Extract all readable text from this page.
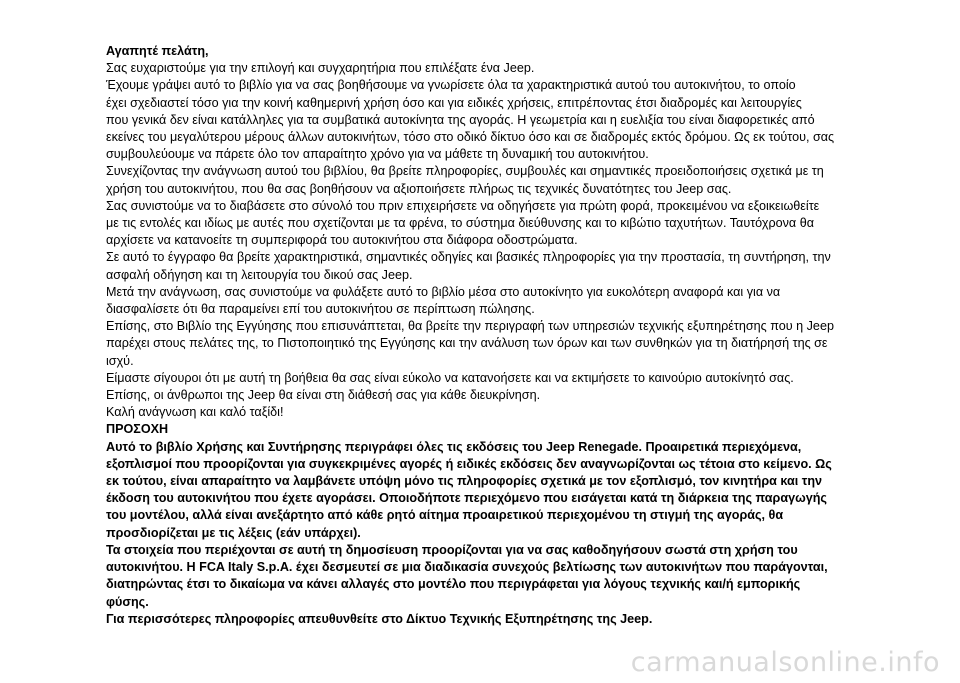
Αγαπητέ πελάτη,

Σας ευχαριστούμε για την επιλογή και συγχαρητήρια που επιλέξατε ένα Jeep.

Έχουμε γράψει αυτό το βιβλίο για να σας βοηθήσουμε να γνωρίσετε όλα τα χαρακτηριστικά αυτού του αυτοκινήτου, το οποίο
έχει σχεδιαστεί τόσο για την κοινή καθημερινή χρήση όσο και για ειδικές χρήσεις, επιτρέποντας έτσι διαδρομές και λειτουργίες
που γενικά δεν είναι κατάλληλες για τα συμβατικά αυτοκίνητα της αγοράς. Η γεωμετρία και η ευελιξία του είναι διαφορετικές από
εκείνες του μεγαλύτερου μέρους άλλων αυτοκινήτων, τόσο στο οδικό δίκτυο όσο και σε διαδρομές εκτός δρόμου. Ως εκ τούτου, σας
συμβουλεύουμε να πάρετε όλο τον απαραίτητο χρόνο για να μάθετε τη δυναμική του αυτοκινήτου.

Συνεχίζοντας την ανάγνωση αυτού του βιβλίου, θα βρείτε πληροφορίες, συμβουλές και σημαντικές προειδοποιήσεις σχετικά με τη
χρήση του αυτοκινήτου, που θα σας βοηθήσουν να αξιοποιήσετε πλήρως τις τεχνικές δυνατότητες του Jeep σας.

Σας συνιστούμε να το διαβάσετε στο σύνολό του πριν επιχειρήσετε να οδηγήσετε για πρώτη φορά, προκειμένου να εξοικειωθείτε
με τις εντολές και ιδίως με αυτές που σχετίζονται με τα φρένα, το σύστημα διεύθυνσης και το κιβώτιο ταχυτήτων. Ταυτόχρονα θα
αρχίσετε να κατανοείτε τη συμπεριφορά του αυτοκινήτου στα διάφορα οδοστρώματα.

Σε αυτό το έγγραφο θα βρείτε χαρακτηριστικά, σημαντικές οδηγίες και βασικές πληροφορίες για την προστασία, τη συντήρηση, την
ασφαλή οδήγηση και τη λειτουργία του δικού σας Jeep.

Μετά την ανάγνωση, σας συνιστούμε να φυλάξετε αυτό το βιβλίο μέσα στο αυτοκίνητο για ευκολότερη αναφορά και για να
διασφαλίσετε ότι θα παραμείνει επί του αυτοκινήτου σε περίπτωση πώλησης.

Επίσης, στο Βιβλίο της Εγγύησης που επισυνάπτεται, θα βρείτε την περιγραφή των υπηρεσιών τεχνικής εξυπηρέτησης που η Jeep
παρέχει στους πελάτες της, το Πιστοποιητικό της Εγγύησης και την ανάλυση των όρων και των συνθηκών για τη διατήρησή της σε
ισχύ.

Είμαστε σίγουροι ότι με αυτή τη βοήθεια θα σας είναι εύκολο να κατανοήσετε και να εκτιμήσετε το καινούριο αυτοκίνητό σας.
Επίσης, οι άνθρωποι της Jeep θα είναι στη διάθεσή σας για κάθε διευκρίνηση.

Καλή ανάγνωση και καλό ταξίδι!

ΠΡΟΣΟΧΗ

Αυτό το βιβλίο Χρήσης και Συντήρησης περιγράφει όλες τις εκδόσεις του Jeep Renegade. Προαιρετικά περιεχόμενα,
εξοπλισμοί που προορίζονται για συγκεκριμένες αγορές ή ειδικές εκδόσεις δεν αναγνωρίζονται ως τέτοια στο κείμενο. Ως
εκ τούτου, είναι απαραίτητο να λαμβάνετε υπόψη μόνο τις πληροφορίες σχετικά με τον εξοπλισμό, τον κινητήρα και την
έκδοση του αυτοκινήτου που έχετε αγοράσει. Οποιοδήποτε περιεχόμενο που εισάγεται κατά τη διάρκεια της παραγωγής
του μοντέλου, αλλά είναι ανεξάρτητο από κάθε ρητό αίτημα προαιρετικού περιεχομένου τη στιγμή της αγοράς, θα
προσδιορίζεται με τις λέξεις (εάν υπάρχει).

Τα στοιχεία που περιέχονται σε αυτή τη δημοσίευση προορίζονται για να σας καθοδηγήσουν σωστά στη χρήση του
αυτοκινήτου. Η FCA Italy S.p.A. έχει δεσμευτεί σε μια διαδικασία συνεχούς βελτίωσης των αυτοκινήτων που παράγονται,
διατηρώντας έτσι το δικαίωμα να κάνει αλλαγές στο μοντέλο που περιγράφεται για λόγους τεχνικής και/ή εμπορικής
φύσης.

Για περισσότερες πληροφορίες απευθυνθείτε στο Δίκτυο Τεχνικής Εξυπηρέτησης της Jeep.

carmanualsonline.info
